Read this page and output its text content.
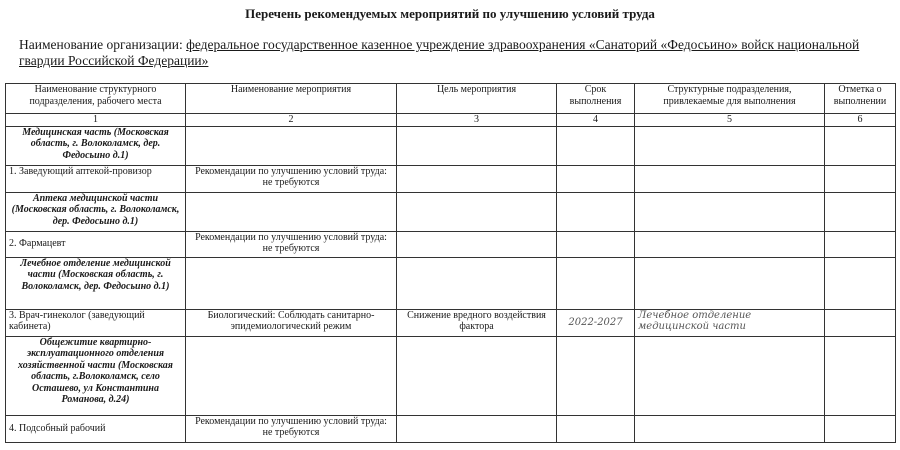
Перечень рекомендуемых мероприятий по улучшению условий труда
Наименование организации: федеральное государственное казенное учреждение здравоохранения «Санаторий «Федосьино» войск национальной гвардии Российской Федерации»
Наименование структурного подразделения, рабочего места	Наименование мероприятия	Цель мероприятия	Срок выполнения	Структурные подразделения, привлекаемые для выполнения	Отметка о выполнении
1	2	3	4	5	6
Медицинская часть (Московская область, г. Волоколамск, дер. Федосьино д.1)					
1. Заведующий аптекой-провизор	Рекомендации по улучшению условий труда: не требуются				
Аптека медицинской части (Московская область, г. Волоколамск, дер. Федосьино д.1)					
2. Фармацевт	Рекомендации по улучшению условий труда: не требуются				
Лечебное отделение медицинской части (Московская область, г. Волоколамск, дер. Федосьино д.1)					
3. Врач-гинеколог (заведующий кабинета)	Биологический: Соблюдать санитарно-эпидемиологический режим	Снижение вредного воздействия фактора	2022-2027	Лечебное отделение медицинской части	
Общежитие квартирно-эксплуатационного отделения хозяйственной части (Московская область, г.Волоколамск, село Осташево, ул Константина Романова, д.24)					
4. Подсобный рабочий	Рекомендации по улучшению условий труда: не требуются				
